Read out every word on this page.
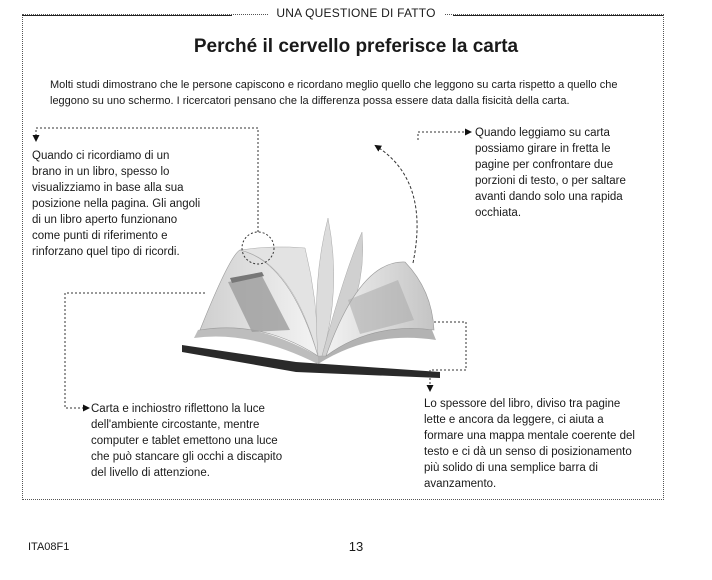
UNA QUESTIONE DI FATTO
Perché il cervello preferisce la carta
Molti studi dimostrano che le persone capiscono e ricordano meglio quello che leggono su carta rispetto a quello che leggono su uno schermo. I ricercatori pensano che la differenza possa essere data dalla fisicità della carta.
Quando ci ricordiamo di un brano in un libro, spesso lo visualizziamo in base alla sua posizione nella pagina. Gli angoli di un libro aperto funzionano come punti di riferimento e rinforzano quel tipo di ricordi.
Quando leggiamo su carta possiamo girare in fretta le pagine per confrontare due porzioni di testo, o per saltare avanti dando solo una rapida occhiata.
Carta e inchiostro riflettono la luce dell'ambiente circostante, mentre computer e tablet emettono una luce che può stancare gli occhi a discapito del livello di attenzione.
Lo spessore del libro, diviso tra pagine lette e ancora da leggere, ci aiuta a formare una mappa mentale coerente del testo e ci dà un senso di posizionamento più solido di una semplice barra di avanzamento.
ITA08F1	13
